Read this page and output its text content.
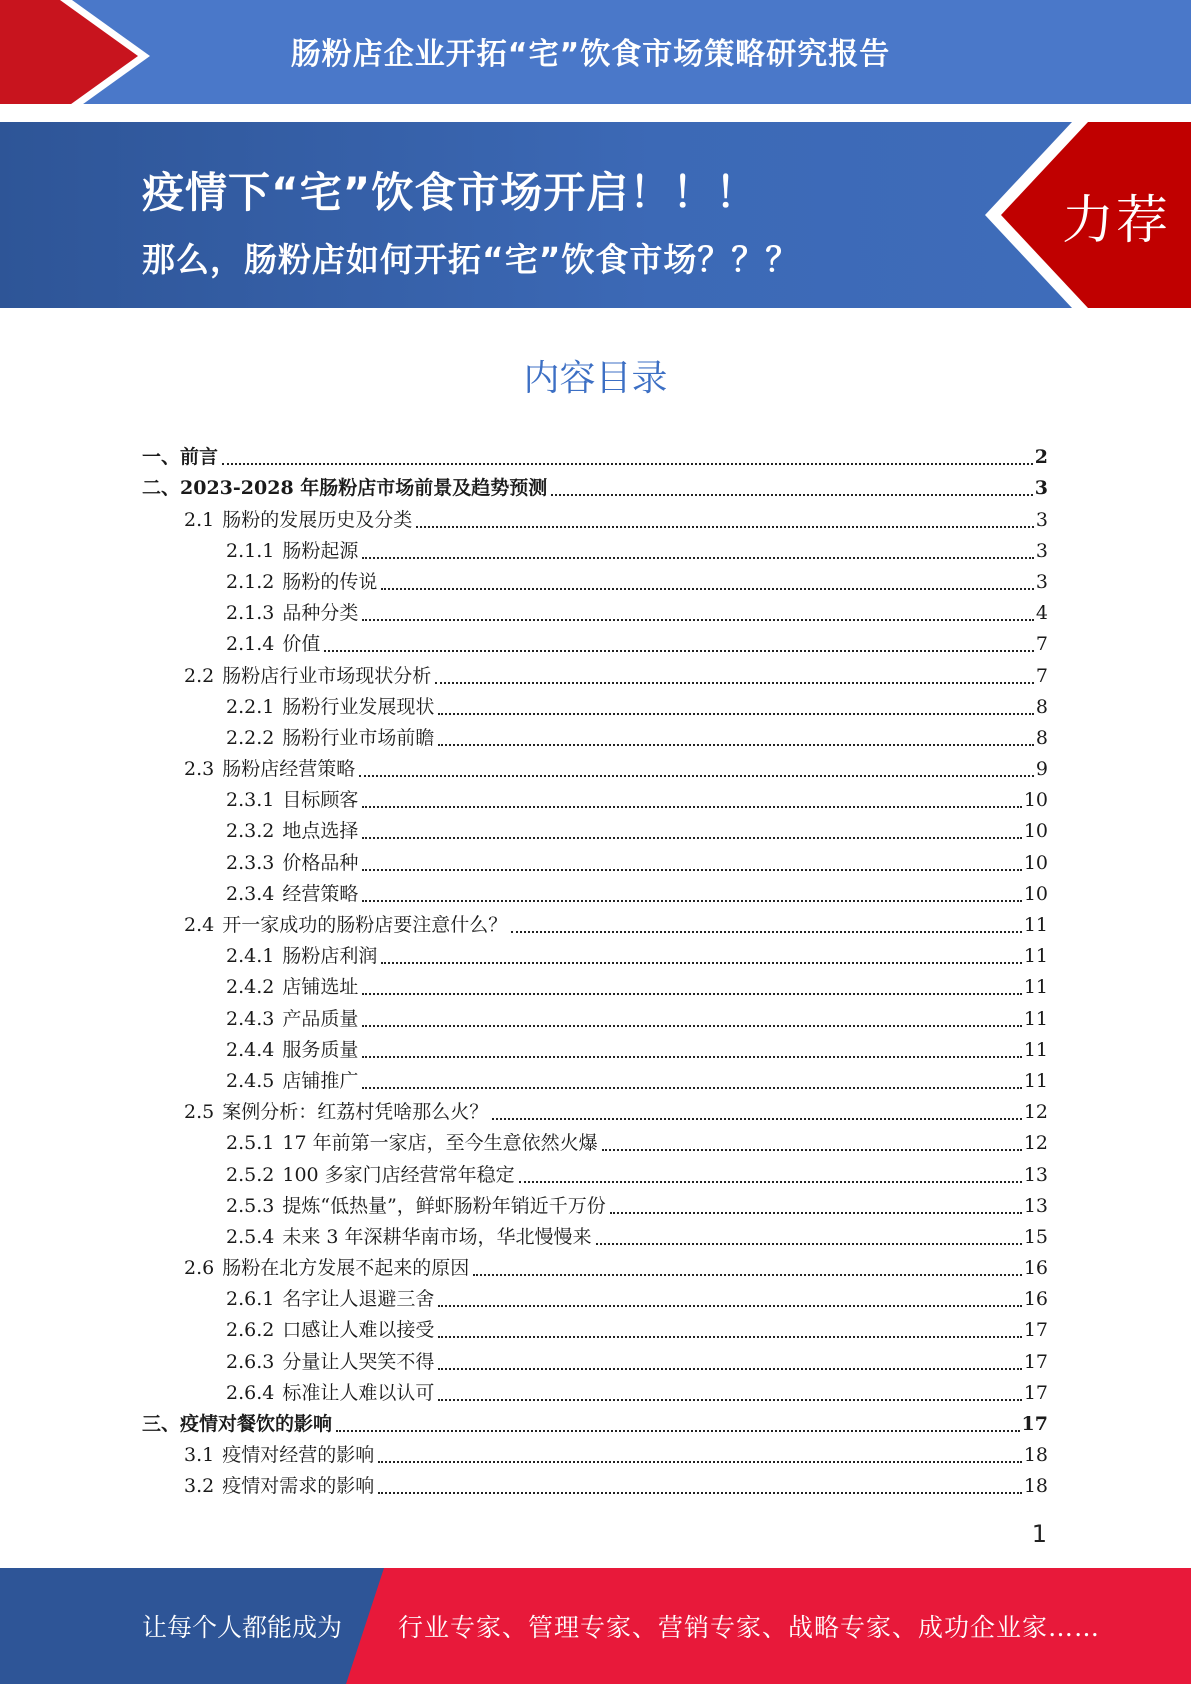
肠粉店企业开拓“宅”饮食市场策略研究报告
疫情下“宅”饮食市场开启！！！
那么，肠粉店如何开拓“宅”饮食市场？？？
力荐
内容目录
一、前言	2
二、2023-2028 年肠粉店市场前景及趋势预测	3
2.1 肠粉的发展历史及分类	3
2.1.1 肠粉起源	3
2.1.2 肠粉的传说	3
2.1.3 品种分类	4
2.1.4 价值	7
2.2 肠粉店行业市场现状分析	7
2.2.1 肠粉行业发展现状	8
2.2.2 肠粉行业市场前瞻	8
2.3 肠粉店经营策略	9
2.3.1 目标顾客	10
2.3.2 地点选择	10
2.3.3 价格品种	10
2.3.4 经营策略	10
2.4 开一家成功的肠粉店要注意什么？	11
2.4.1 肠粉店利润	11
2.4.2 店铺选址	11
2.4.3 产品质量	11
2.4.4 服务质量	11
2.4.5 店铺推广	11
2.5 案例分析：红荔村凭啥那么火？	12
2.5.1 17 年前第一家店，至今生意依然火爆	12
2.5.2 100 多家门店经营常年稳定	13
2.5.3 提炼“低热量”，鲜虾肠粉年销近千万份	13
2.5.4 未来 3 年深耕华南市场，华北慢慢来	15
2.6 肠粉在北方发展不起来的原因	16
2.6.1 名字让人退避三舍	16
2.6.2 口感让人难以接受	17
2.6.3 分量让人哭笑不得	17
2.6.4 标准让人难以认可	17
三、疫情对餐饮的影响	17
3.1 疫情对经营的影响	18
3.2 疫情对需求的影响	18
1
让每个人都能成为 行业专家、管理专家、营销专家、战略专家、成功企业家……
